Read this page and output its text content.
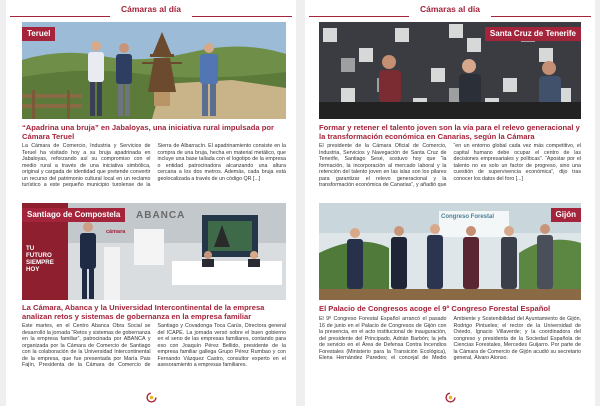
Cámaras al día
Teruel
“Apadrina una bruja” en Jabaloyas, una iniciativa rural impulsada por Cámara Teruel

La Cámara de Comercio, Industria y Servicios de Teruel ha visitado hoy a su bruja apadrinada en Jabaloyas, reforzando así su compromiso con el medio rural a través de una iniciativa simbólica, original y cargada de identidad que pretende convertir un recurso del patrimonio cultural local en un reclamo turístico a este pequeño municipio turolense de la Sierra de Albarracín. El apadrinamiento consiste en la compra de una bruja, hecha en material metálico, que incluye una base tallada con el logotipo de la empresa o entidad patrocinadora alcanzando una altura cercana a los dos metros. Además, cada bruja está geolocalizada a través de un código QR [...]

TU
FUTURO
SIEMPRE
HOY
ABANCA
cámara
Santiago de Compostela
La Cámara, Abanca y la Universidad Intercontinental de la empresa analizan retos y sistemas de gobernanza en la empresa familiar

Este martes, en el Centro Abanca Obra Social se desarrolló la jornada “Retos y sistemas de gobernanza en la empresa familiar”, patrocinada por ABANCA y organizada por la Cámara de Comercio de Santiago con la colaboración de la Universidad Intercontinental de la empresa, que fue presentada por María Pais Fajín, Presidenta de la Cámara de Comercio de Santiago y Covadonga Toca Carús, Directora general del ICAPE. La jornada versó sobre el buen gobierno en el seno de las empresas familiares, contando para eso con Joaquín Pérez Bellido, presidente de la empresa familiar gallega Grupo Pérez Rumbao y con Fernando Vázquez Castro, consultor experto en el asesoramiento a empresas familiares.

Cámaras al día
Santa Cruz de Tenerife
Formar y retener el talento joven son la vía para el relevo generacional y la transformación económica en Canarias, según la Cámara

El presidente de la Cámara Oficial de Comercio, Industria, Servicios y Navegación de Santa Cruz de Tenerife, Santiago Sesé, sostuvo hoy que “la formación, la incorporación al mercado laboral y la retención del talento joven en las islas son los pilares para garantizar el relevo generacional y la transformación económica de Canarias”, y añadió que “en un entorno global cada vez más competitivo, el capital humano debe ocupar el centro de las decisiones empresariales y políticas”. “Apostar por el talento no es solo un factor de progreso, sino una cuestión de supervivencia económica”, dijo tras conocer los datos del foro [...]

Congreso Forestal	Gijón
El Palacio de Congresos acoge el 9º Congreso Forestal Español

El 9º Congreso Forestal Español arrancó el pasado 16 de junio en el Palacio de Congresos de Gijón con la presencia, en el acto institucional de inauguración, del presidente del Principado, Adrián Barbón; la jefa de servicio en el Área de Defensa Contra Incendios Forestales (Ministerio para la Transición Ecológica), Elena Hernández Paredes; el concejal de Medio Ambiente y Sostenibilidad del Ayuntamiento de Gijón, Rodrigo Pintueles; el rector de la Universidad de Oviedo, Ignacio Villaverde; y la coordinadora del congreso y presidenta de la Sociedad Española de Ciencias Forestales, Mercedes Guijarro. Por parte de la Cámara de Comercio de Gijón acudió su secretario general, Álvaro Alonso.
